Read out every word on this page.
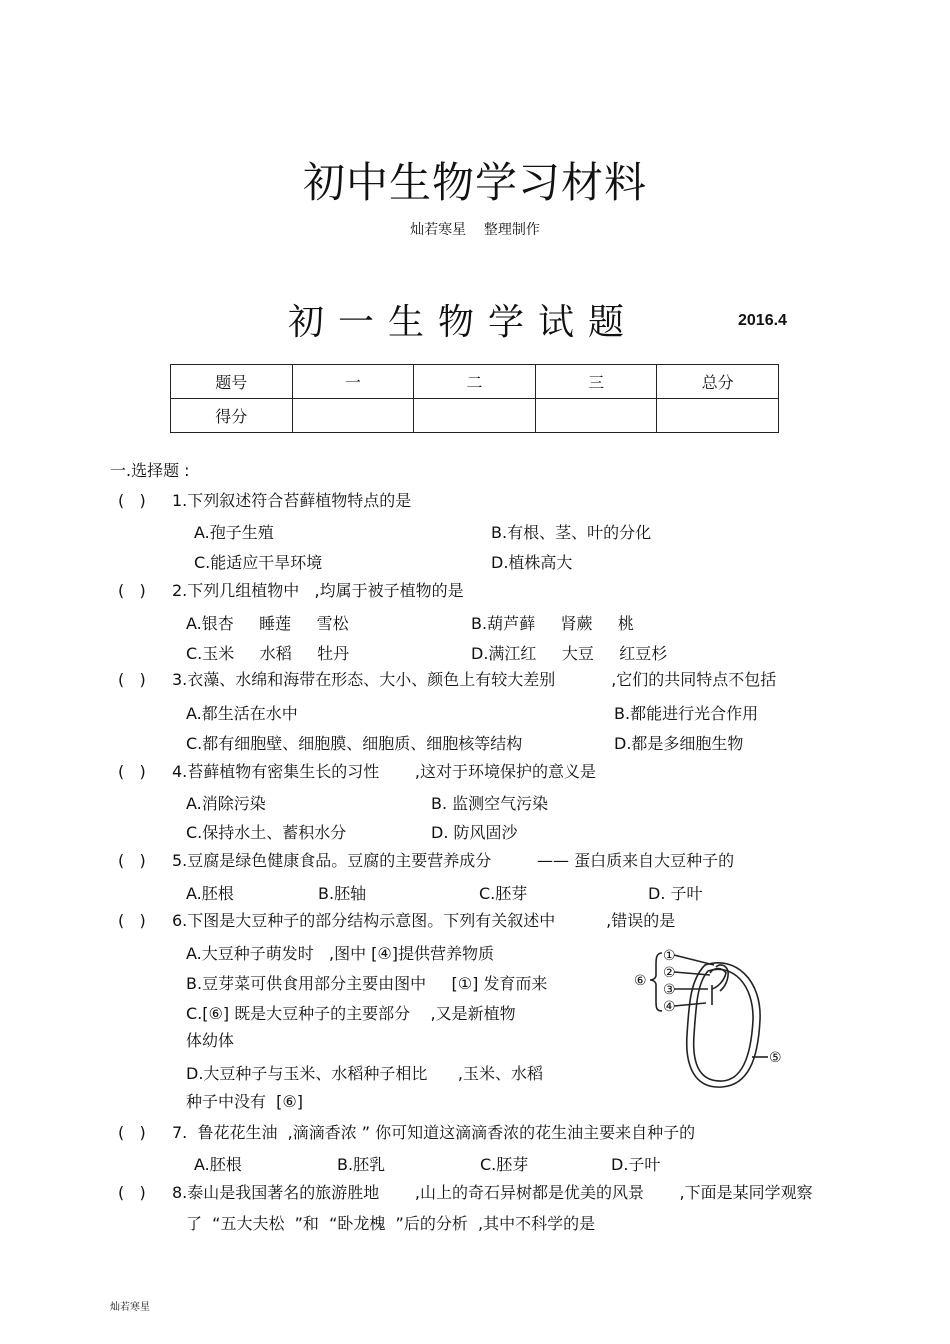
初中生物学习材料
灿若寒星    整理制作
初一生物学试题	2016.4
题号	一	二	三	总分
得分				
一.选择题 :
(   ) 1.下列叙述符合苔藓植物特点的是
A.孢子生殖	B.有根、茎、叶的分化
C.能适应干旱环境	D.植株高大
(   ) 2.下列几组植物中   ,均属于被子植物的是
A.银杏     睡莲     雪松	B.葫芦藓     肾蕨     桃
C.玉米     水稻     牡丹	D.满江红     大豆     红豆杉
(   ) 3.衣藻、水绵和海带在形态、大小、颜色上有较大差别           ,它们的共同特点不包括
A.都生活在水中	B.都能进行光合作用
C.都有细胞壁、细胞膜、细胞质、细胞核等结构	D.都是多细胞生物
(   ) 4.苔藓植物有密集生长的习性       ,这对于环境保护的意义是
A.消除污染	B. 监测空气污染
C.保持水土、蓄积水分	D. 防风固沙
(   ) 5.豆腐是绿色健康食品。豆腐的主要营养成分         —— 蛋白质来自大豆种子的
A.胚根	B.胚轴	C.胚芽	D. 子叶
(   ) 6.下图是大豆种子的部分结构示意图。下列有关叙述中          ,错误的是
A.大豆种子萌发时   ,图中 [④]提供营养物质
B.豆芽菜可供食用部分主要由图中     [①] 发育而来
C.[⑥] 既是大豆种子的主要部分    ,又是新植物
体幼体
D.大豆种子与玉米、水稻种子相比      ,玉米、水稻
种子中没有  [⑥]
①
②
③
④
⑤
⑥
(   ) 7.  鲁花花生油  ,滴滴香浓 ” 你可知道这滴滴香浓的花生油主要来自种子的
A.胚根	B.胚乳	C.胚芽	D.子叶
(   ) 8.泰山是我国著名的旅游胜地       ,山上的奇石异树都是优美的风景       ,下面是某同学观察
了  “五大夫松  ”和  “卧龙槐  ”后的分析  ,其中不科学的是
灿若寒星
